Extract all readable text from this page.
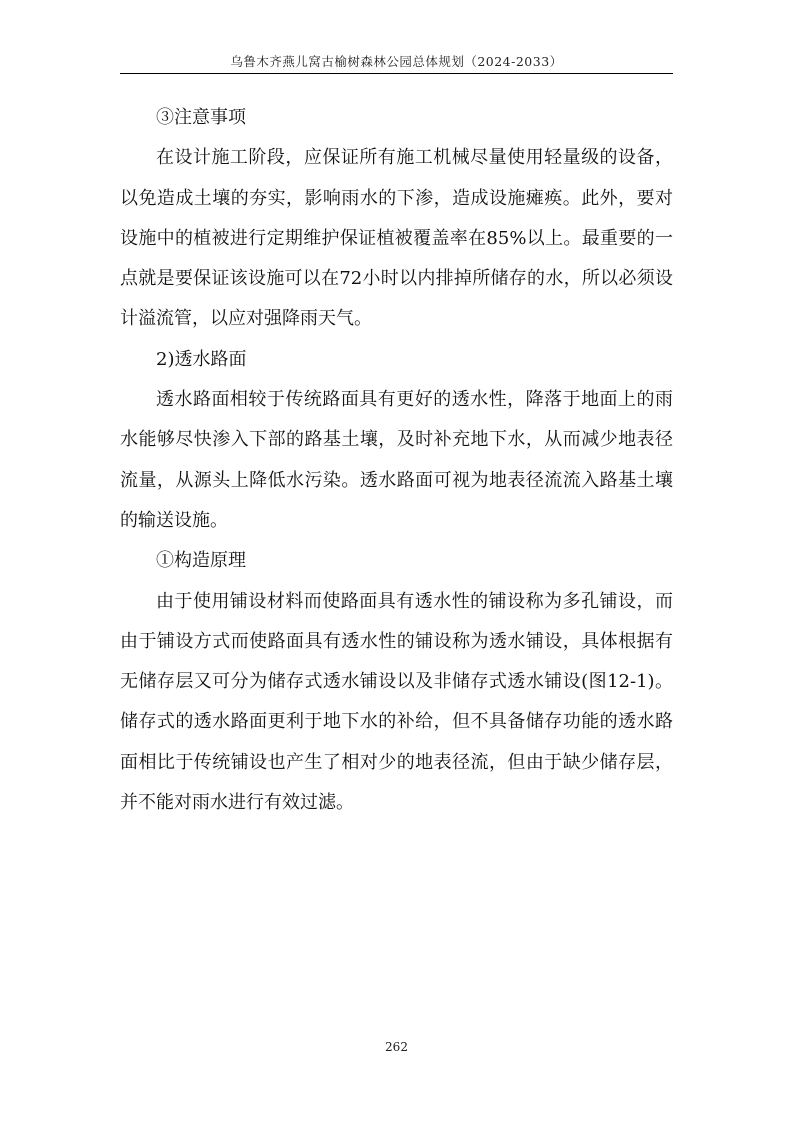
乌鲁木齐燕儿窝古榆树森林公园总体规划（2024-2033）

③注意事项

在设计施工阶段，应保证所有施工机械尽量使用轻量级的设备，以免造成土壤的夯实，影响雨水的下渗，造成设施瘫痪。此外，要对设施中的植被进行定期维护保证植被覆盖率在85%以上。最重要的一点就是要保证该设施可以在72小时以内排掉所储存的水，所以必须设计溢流管，以应对强降雨天气。

2)透水路面

透水路面相较于传统路面具有更好的透水性，降落于地面上的雨水能够尽快渗入下部的路基土壤，及时补充地下水，从而减少地表径流量，从源头上降低水污染。透水路面可视为地表径流流入路基土壤的输送设施。

①构造原理

由于使用铺设材料而使路面具有透水性的铺设称为多孔铺设，而由于铺设方式而使路面具有透水性的铺设称为透水铺设，具体根据有无储存层又可分为储存式透水铺设以及非储存式透水铺设(图12-1)。储存式的透水路面更利于地下水的补给，但不具备储存功能的透水路面相比于传统铺设也产生了相对少的地表径流，但由于缺少储存层，并不能对雨水进行有效过滤。

262
